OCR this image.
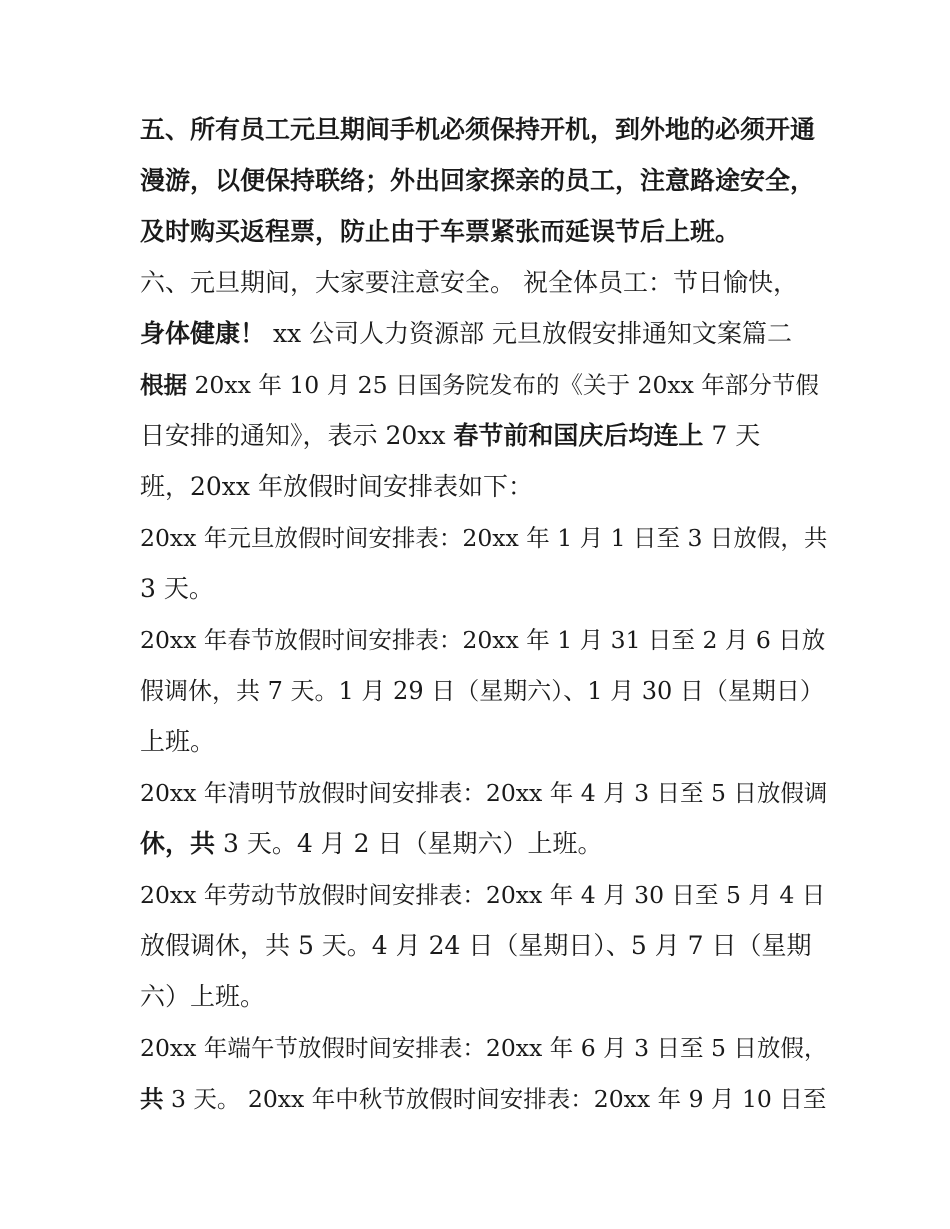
五、所有员工元旦期间手机必须保持开机，到外地的必须开通
漫游，以便保持联络；外出回家探亲的员工，注意路途安全，
及时购买返程票，防止由于车票紧张而延误节后上班。
六、元旦期间，大家要注意安全。 祝全体员工：节日愉快，
身体健康！ xx 公司人力资源部 元旦放假安排通知文案篇二
根据 20xx 年 10 月 25 日国务院发布的《关于 20xx 年部分节假
日安排的通知》，表示 20xx 春节前和国庆后均连上 7 天
班，20xx 年放假时间安排表如下：
20xx 年元旦放假时间安排表：20xx 年 1 月 1 日至 3 日放假，共
3 天。
20xx 年春节放假时间安排表：20xx 年 1 月 31 日至 2 月 6 日放
假调休，共 7 天。1 月 29 日（星期六）、1 月 30 日（星期日）
上班。
20xx 年清明节放假时间安排表：20xx 年 4 月 3 日至 5 日放假调
休，共 3 天。4 月 2 日（星期六）上班。
20xx 年劳动节放假时间安排表：20xx 年 4 月 30 日至 5 月 4 日
放假调休，共 5 天。4 月 24 日（星期日）、5 月 7 日（星期
六）上班。
20xx 年端午节放假时间安排表：20xx 年 6 月 3 日至 5 日放假，
共 3 天。 20xx 年中秋节放假时间安排表：20xx 年 9 月 10 日至
